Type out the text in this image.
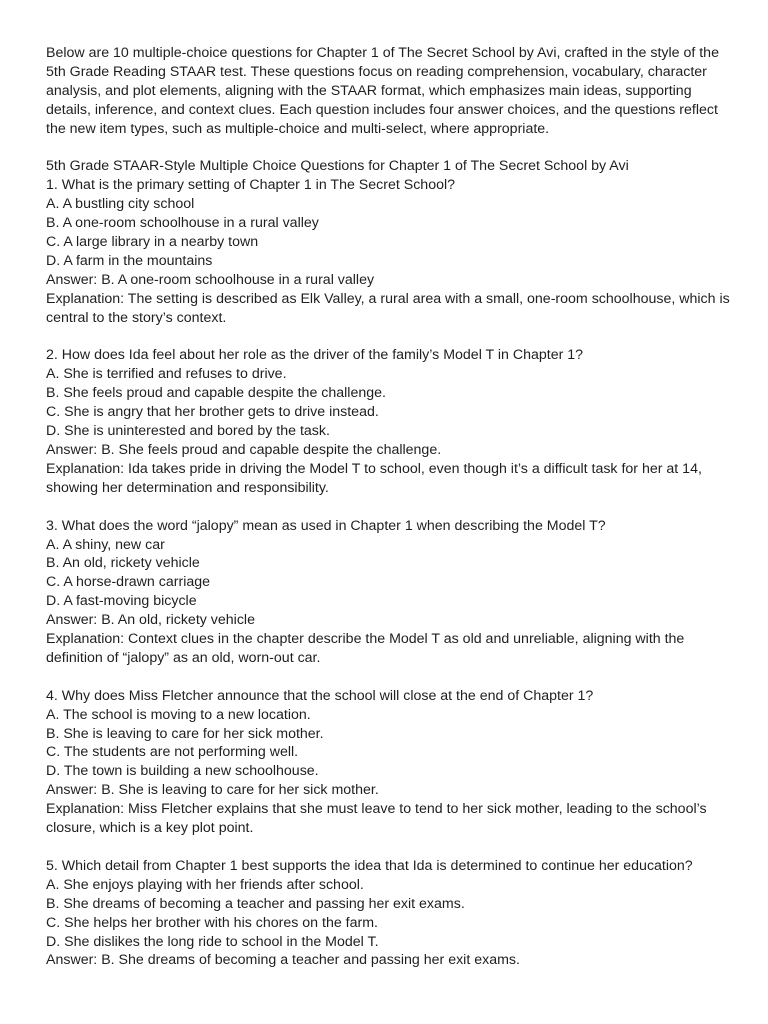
Below are 10 multiple-choice questions for Chapter 1 of The Secret School by Avi, crafted in the style of the 5th Grade Reading STAAR test. These questions focus on reading comprehension, vocabulary, character analysis, and plot elements, aligning with the STAAR format, which emphasizes main ideas, supporting details, inference, and context clues. Each question includes four answer choices, and the questions reflect the new item types, such as multiple-choice and multi-select, where appropriate.

5th Grade STAAR-Style Multiple Choice Questions for Chapter 1 of The Secret School by Avi

1. What is the primary setting of Chapter 1 in The Secret School?
A. A bustling city school
B. A one-room schoolhouse in a rural valley
C. A large library in a nearby town
D. A farm in the mountains
Answer: B. A one-room schoolhouse in a rural valley
Explanation: The setting is described as Elk Valley, a rural area with a small, one-room schoolhouse, which is central to the story’s context.
2. How does Ida feel about her role as the driver of the family’s Model T in Chapter 1?
A. She is terrified and refuses to drive.
B. She feels proud and capable despite the challenge.
C. She is angry that her brother gets to drive instead.
D. She is uninterested and bored by the task.
Answer: B. She feels proud and capable despite the challenge.
Explanation: Ida takes pride in driving the Model T to school, even though it’s a difficult task for her at 14, showing her determination and responsibility.
3. What does the word “jalopy” mean as used in Chapter 1 when describing the Model T?
A. A shiny, new car
B. An old, rickety vehicle
C. A horse-drawn carriage
D. A fast-moving bicycle
Answer: B. An old, rickety vehicle
Explanation: Context clues in the chapter describe the Model T as old and unreliable, aligning with the definition of “jalopy” as an old, worn-out car.
4. Why does Miss Fletcher announce that the school will close at the end of Chapter 1?
A. The school is moving to a new location.
B. She is leaving to care for her sick mother.
C. The students are not performing well.
D. The town is building a new schoolhouse.
Answer: B. She is leaving to care for her sick mother.
Explanation: Miss Fletcher explains that she must leave to tend to her sick mother, leading to the school’s closure, which is a key plot point.
5. Which detail from Chapter 1 best supports the idea that Ida is determined to continue her education?
A. She enjoys playing with her friends after school.
B. She dreams of becoming a teacher and passing her exit exams.
C. She helps her brother with his chores on the farm.
D. She dislikes the long ride to school in the Model T.
Answer: B. She dreams of becoming a teacher and passing her exit exams.
